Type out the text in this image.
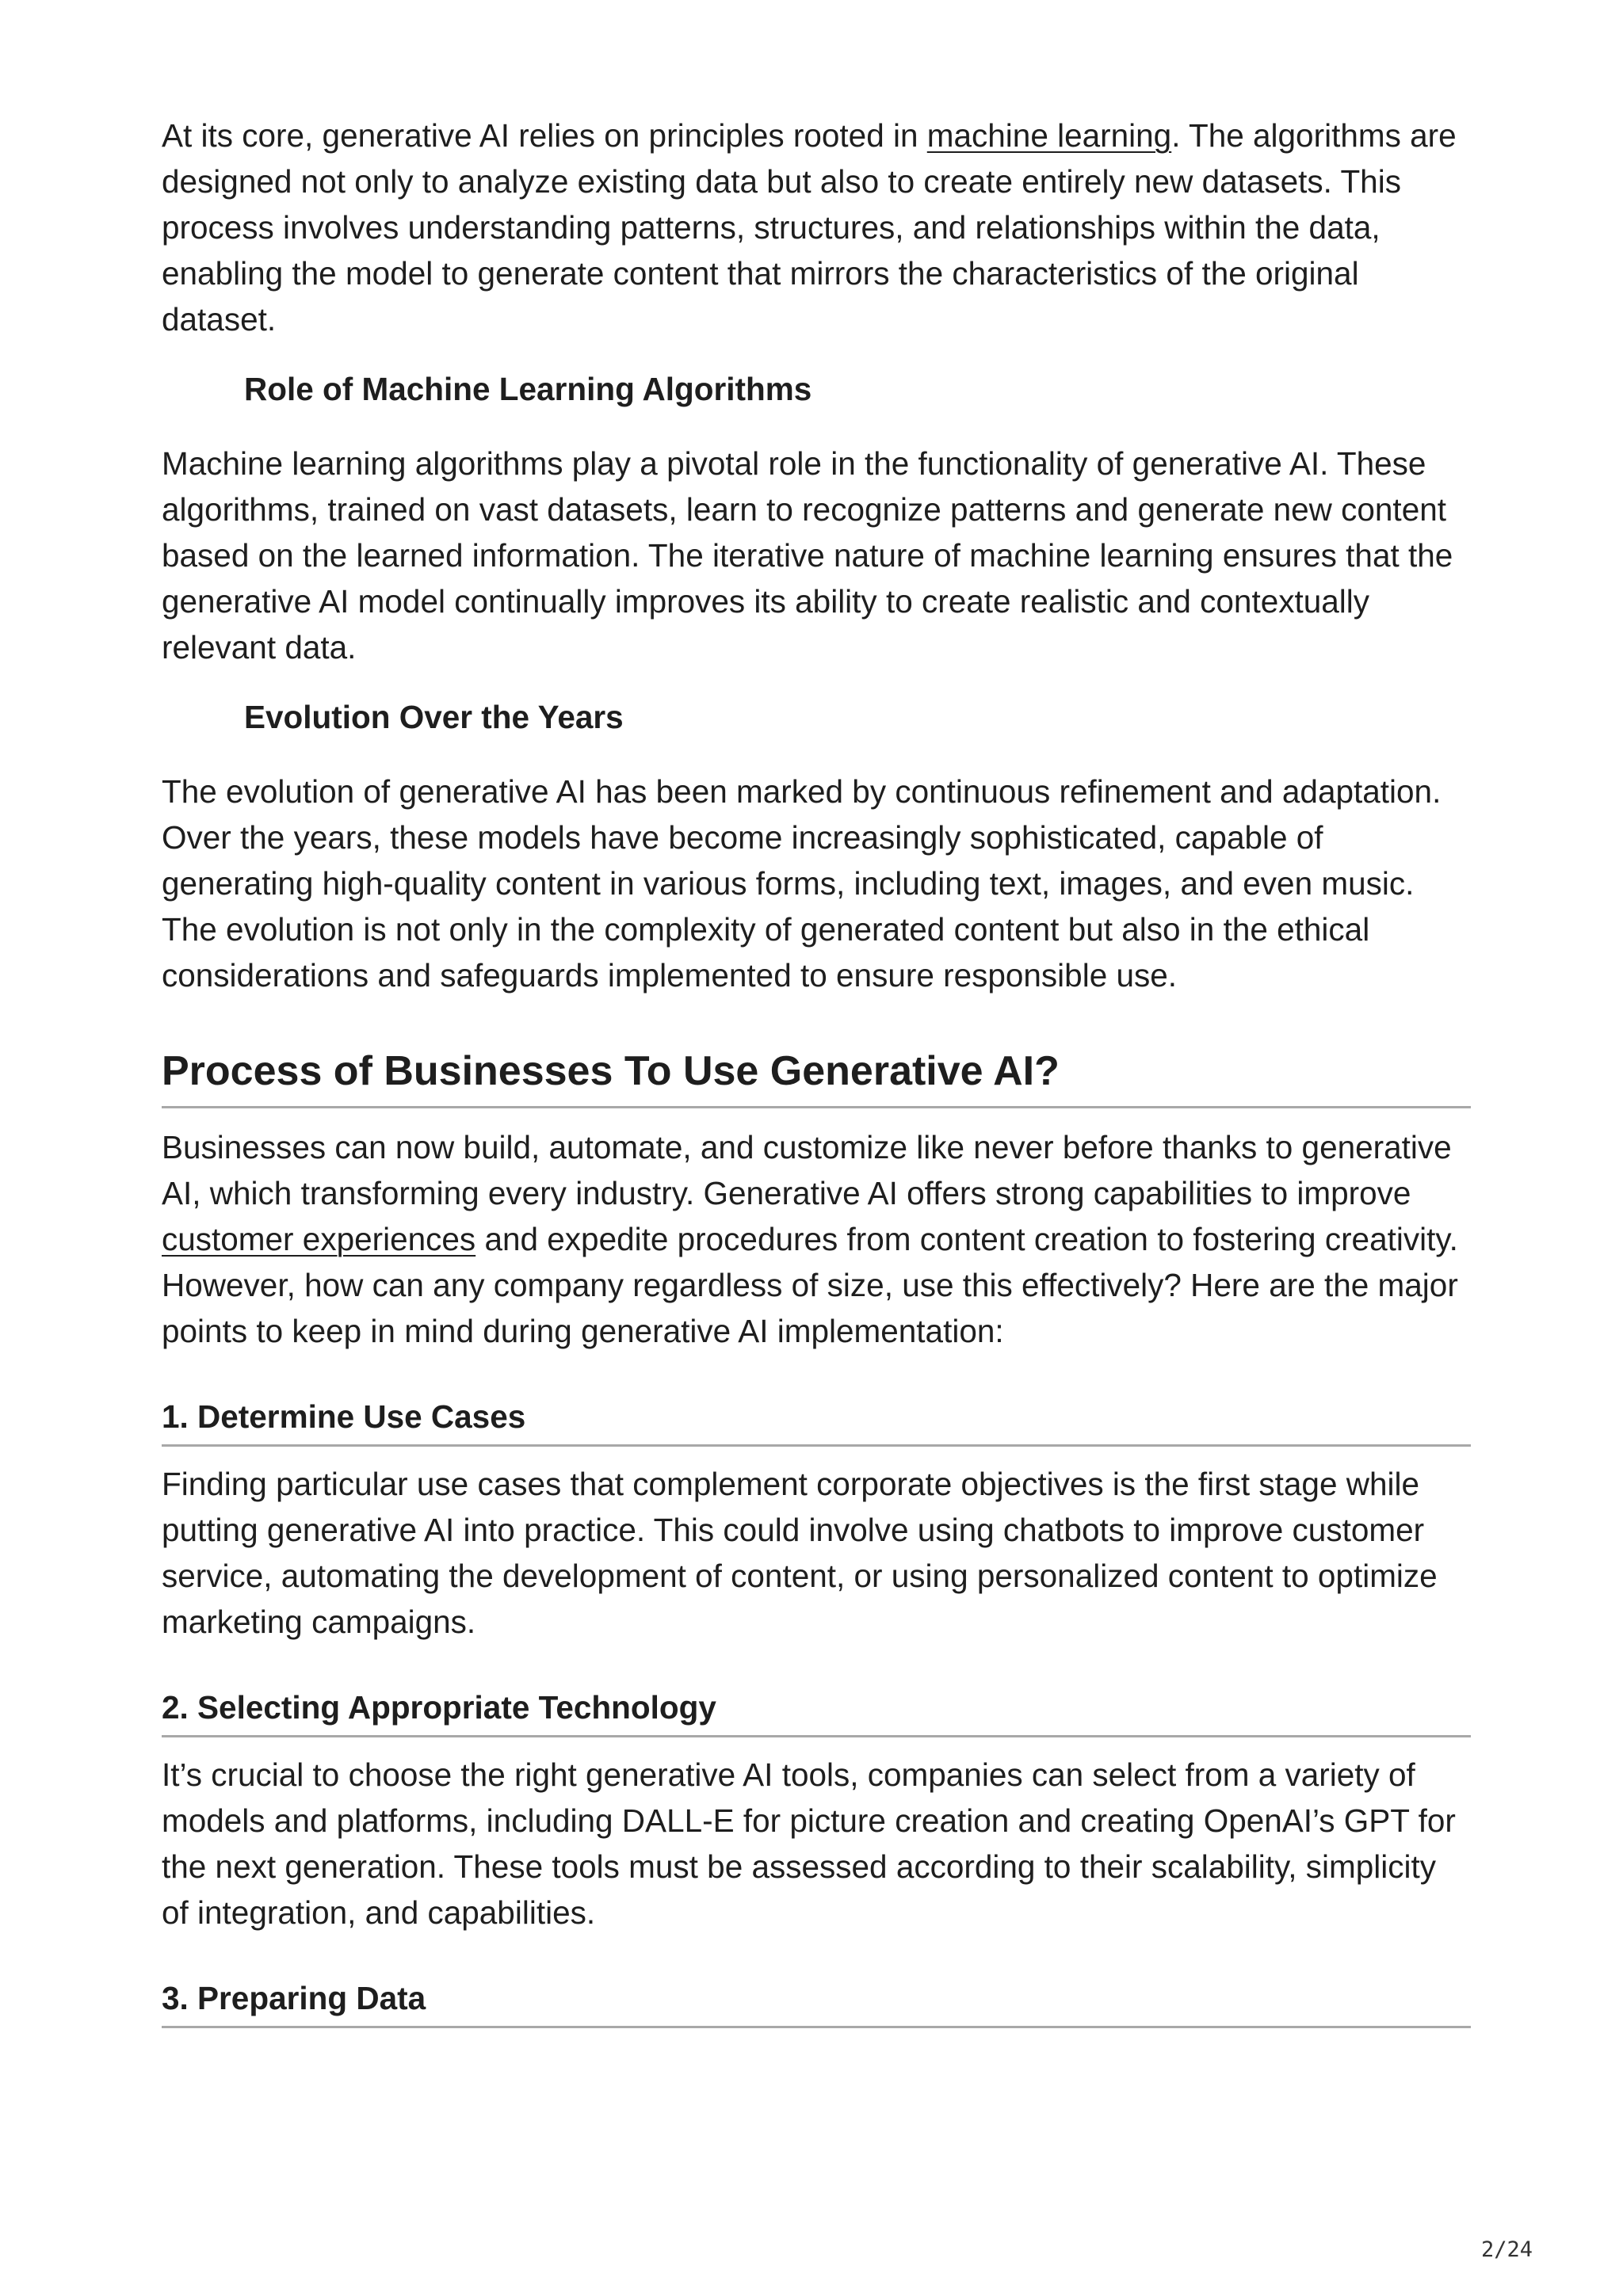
At its core, generative AI relies on principles rooted in machine learning. The algorithms are designed not only to analyze existing data but also to create entirely new datasets. This process involves understanding patterns, structures, and relationships within the data, enabling the model to generate content that mirrors the characteristics of the original dataset.

Role of Machine Learning Algorithms

Machine learning algorithms play a pivotal role in the functionality of generative AI. These algorithms, trained on vast datasets, learn to recognize patterns and generate new content based on the learned information. The iterative nature of machine learning ensures that the generative AI model continually improves its ability to create realistic and contextually relevant data.

Evolution Over the Years

The evolution of generative AI has been marked by continuous refinement and adaptation. Over the years, these models have become increasingly sophisticated, capable of generating high-quality content in various forms, including text, images, and even music. The evolution is not only in the complexity of generated content but also in the ethical considerations and safeguards implemented to ensure responsible use.

Process of Businesses To Use Generative AI?

Businesses can now build, automate, and customize like never before thanks to generative AI, which transforming every industry. Generative AI offers strong capabilities to improve customer experiences and expedite procedures from content creation to fostering creativity. However, how can any company regardless of size, use this effectively? Here are the major points to keep in mind during generative AI implementation:

1. Determine Use Cases

Finding particular use cases that complement corporate objectives is the first stage while putting generative AI into practice. This could involve using chatbots to improve customer service, automating the development of content, or using personalized content to optimize marketing campaigns.

2. Selecting Appropriate Technology

It’s crucial to choose the right generative AI tools, companies can select from a variety of models and platforms, including DALL-E for picture creation and creating OpenAI’s GPT for the next generation. These tools must be assessed according to their scalability, simplicity of integration, and capabilities.

3. Preparing Data
2/24
